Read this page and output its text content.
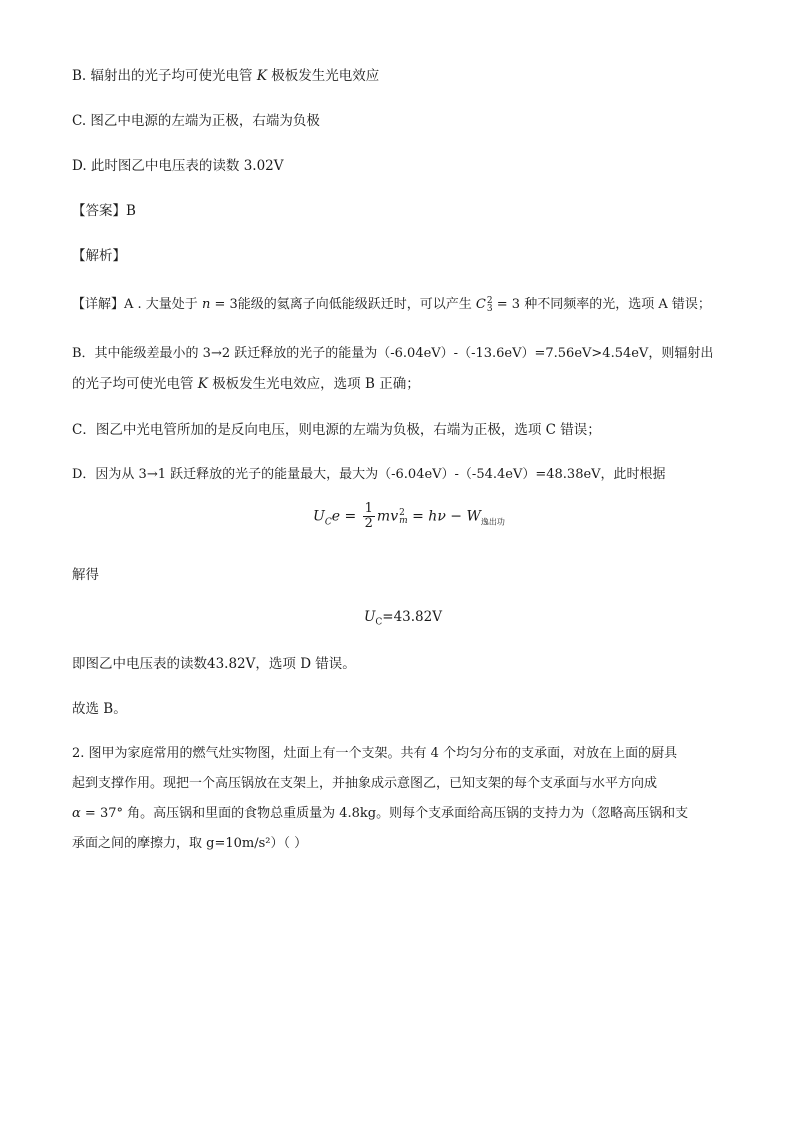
B. 辐射出的光子均可使光电管 K 极板发生光电效应
C. 图乙中电源的左端为正极，右端为负极
D. 此时图乙中电压表的读数 3.02V
【答案】B
【解析】
【详解】A . 大量处于 n = 3能级的氦离子向低能级跃迁时，可以产生 C 2
3 = 3 种不同频率的光，选项 A 错误；
B．其中能级差最小的 3→2 跃迁释放的光子的能量为（-6.04eV）-（-13.6eV）=7.56eV>4.54eV，则辐射出
的光子均可使光电管 K 极板发生光电效应，选项 B 正确；
C．图乙中光电管所加的是反向电压，则电源的左端为负极，右端为正极，选项 C 错误；
D．因为从 3→1 跃迁释放的光子的能量最大，最大为（-6.04eV）-（-54.4eV）=48.38eV，此时根据
$U_Ce = \frac{1}{2}$ mv 2
$m = h\nu - W_{逸出功}$
解得
$U_C=43.82V$
即图乙中电压表的读数43.82V，选项 D 错误。
故选 B。
2. 图甲为家庭常用的燃气灶实物图，灶面上有一个支架。共有 4 个均匀分布的支承面，对放在上面的厨具
起到支撑作用。现把一个高压锅放在支架上，并抽象成示意图乙，已知支架的每个支承面与水平方向成
α = 37° 角。高压锅和里面的食物总重质量为 4.8kg。则每个支承面给高压锅的支持力为（忽略高压锅和支
承面之间的摩擦力，取 g=10m/s²）（ ）
